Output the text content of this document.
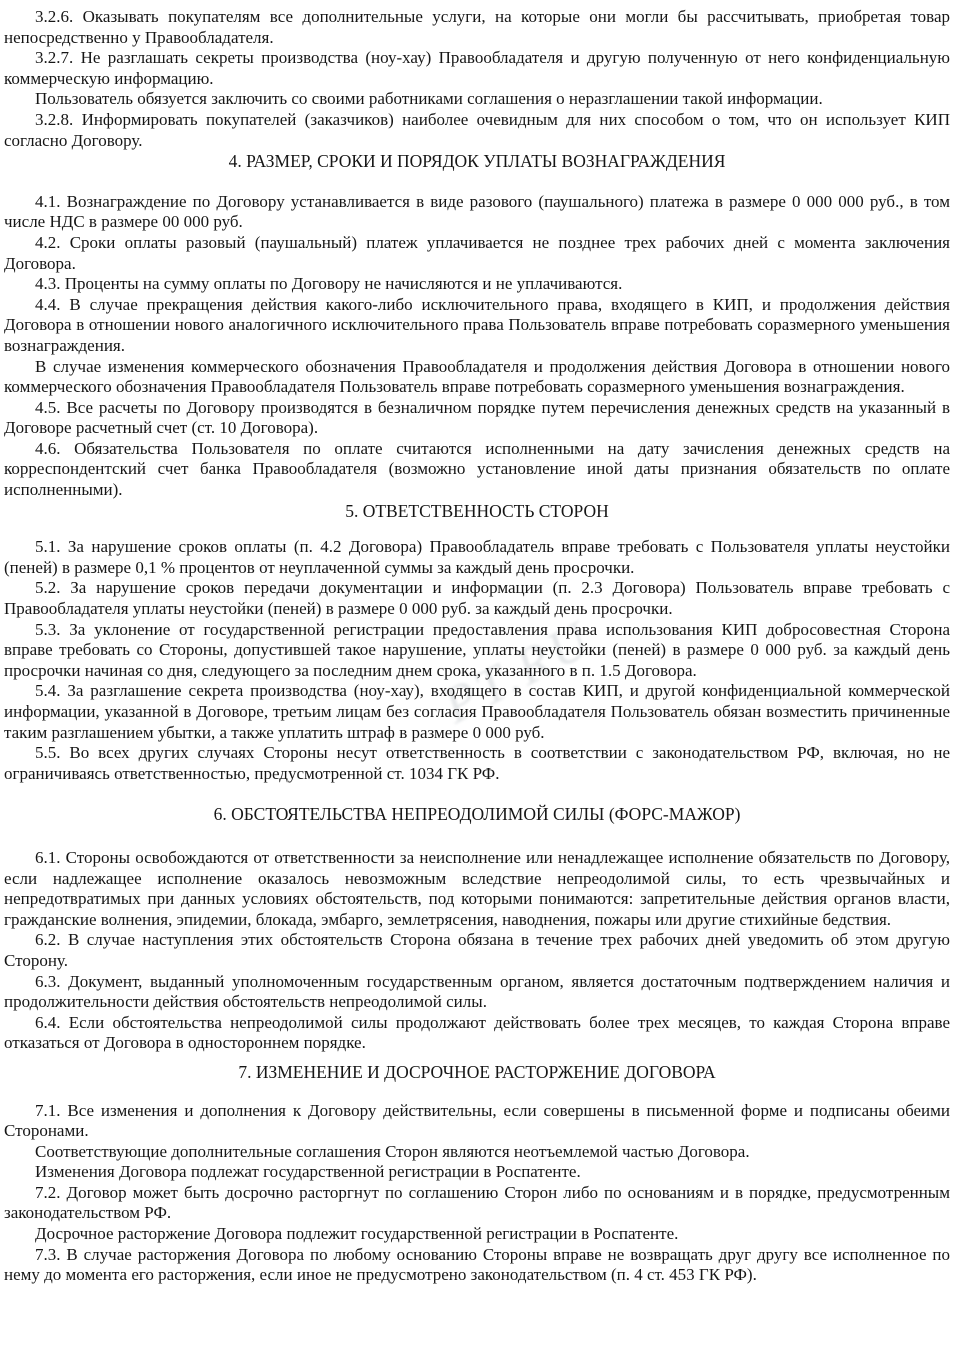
PT.RU

3.2.6. Оказывать покупателям все дополнительные услуги, на которые они могли бы рассчитывать, приобретая товар непосредственно у Правообладателя.

3.2.7. Не разглашать секреты производства (ноу-хау) Правообладателя и другую полученную от него конфиденциальную коммерческую информацию.

Пользователь обязуется заключить со своими работниками соглашения о неразглашении такой информации.

3.2.8. Информировать покупателей (заказчиков) наиболее очевидным для них способом о том, что он использует КИП согласно Договору.

4. РАЗМЕР, СРОКИ И ПОРЯДОК УПЛАТЫ ВОЗНАГРАЖДЕНИЯ

4.1. Вознаграждение по Договору устанавливается в виде разового (паушального) платежа в размере 0 000 000 руб., в том числе НДС в размере 00 000 руб.

4.2. Сроки оплаты разовый (паушальный) платеж уплачивается не позднее трех рабочих дней с момента заключения Договора.

4.3. Проценты на сумму оплаты по Договору не начисляются и не уплачиваются.

4.4. В случае прекращения действия какого-либо исключительного права, входящего в КИП, и продолжения действия Договора в отношении нового аналогичного исключительного права Пользователь вправе потребовать соразмерного уменьшения вознаграждения.

В случае изменения коммерческого обозначения Правообладателя и продолжения действия Договора в отношении нового коммерческого обозначения Правообладателя Пользователь вправе потребовать соразмерного уменьшения вознаграждения.

4.5. Все расчеты по Договору производятся в безналичном порядке путем перечисления денежных средств на указанный в Договоре расчетный счет (ст. 10 Договора).

4.6. Обязательства Пользователя по оплате считаются исполненными на дату зачисления денежных средств на корреспондентский счет банка Правообладателя (возможно установление иной даты признания обязательств по оплате исполненными).

5. ОТВЕТСТВЕННОСТЬ СТОРОН

5.1. За нарушение сроков оплаты (п. 4.2 Договора) Правообладатель вправе требовать с Пользователя уплаты неустойки (пеней) в размере 0,1 % процентов от неуплаченной суммы за каждый день просрочки.

5.2. За нарушение сроков передачи документации и информации (п. 2.3 Договора) Пользователь вправе требовать с Правообладателя уплаты неустойки (пеней) в размере 0 000 руб. за каждый день просрочки.

5.3. За уклонение от государственной регистрации предоставления права использования КИП добросовестная Сторона вправе требовать со Стороны, допустившей такое нарушение, уплаты неустойки (пеней) в размере 0 000 руб. за каждый день просрочки начиная со дня, следующего за последним днем срока, указанного в п. 1.5 Договора.

5.4. За разглашение секрета производства (ноу-хау), входящего в состав КИП, и другой конфиденциальной коммерческой информации, указанной в Договоре, третьим лицам без согласия Правообладателя Пользователь обязан возместить причиненные таким разглашением убытки, а также уплатить штраф в размере 0 000 руб.

5.5. Во всех других случаях Стороны несут ответственность в соответствии с законодательством РФ, включая, но не ограничиваясь ответственностью, предусмотренной ст. 1034 ГК РФ.

6. ОБСТОЯТЕЛЬСТВА НЕПРЕОДОЛИМОЙ СИЛЫ (ФОРС-МАЖОР)

6.1. Стороны освобождаются от ответственности за неисполнение или ненадлежащее исполнение обязательств по Договору, если надлежащее исполнение оказалось невозможным вследствие непреодолимой силы, то есть чрезвычайных и непредотвратимых при данных условиях обстоятельств, под которыми понимаются: запретительные действия органов власти, гражданские волнения, эпидемии, блокада, эмбарго, землетрясения, наводнения, пожары или другие стихийные бедствия.

6.2. В случае наступления этих обстоятельств Сторона обязана в течение трех рабочих дней уведомить об этом другую Сторону.

6.3. Документ, выданный уполномоченным государственным органом, является достаточным подтверждением наличия и продолжительности действия обстоятельств непреодолимой силы.

6.4. Если обстоятельства непреодолимой силы продолжают действовать более трех месяцев, то каждая Сторона вправе отказаться от Договора в одностороннем порядке.

7. ИЗМЕНЕНИЕ И ДОСРОЧНОЕ РАСТОРЖЕНИЕ ДОГОВОРА

7.1. Все изменения и дополнения к Договору действительны, если совершены в письменной форме и подписаны обеими Сторонами.

Соответствующие дополнительные соглашения Сторон являются неотъемлемой частью Договора.

Изменения Договора подлежат государственной регистрации в Роспатенте.

7.2. Договор может быть досрочно расторгнут по соглашению Сторон либо по основаниям и в порядке, предусмотренным законодательством РФ.

Досрочное расторжение Договора подлежит государственной регистрации в Роспатенте.

7.3. В случае расторжения Договора по любому основанию Стороны вправе не возвращать друг другу все исполненное по нему до момента его расторжения, если иное не предусмотрено законодательством (п. 4 ст. 453 ГК РФ).
